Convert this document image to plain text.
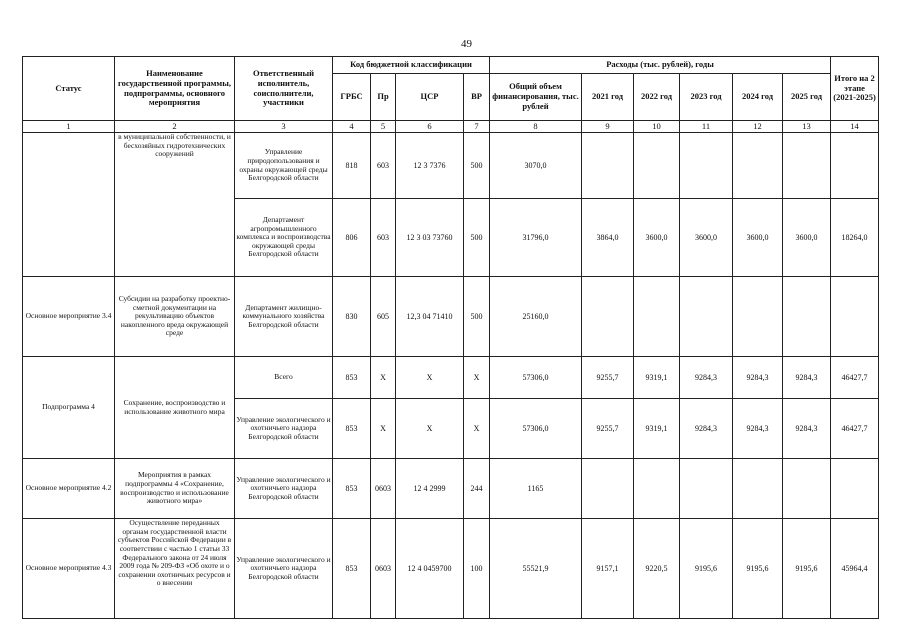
49
Статус	Наименование государственной программы, подпрограммы, основного мероприятия	Ответственный исполнитель, соисполнители, участники	Код бюджетной классификации				Расходы (тыс. рублей), годы						Итого на 2 этапе (2021-2025)
			ГРБС	Пр	ЦСР	ВР	Общий объем финансирования, тыс. рублей	2021 год	2022 год	2023 год	2024 год	2025 год	
1	2	3	4	5	6	7	8	9	10	11	12	13	14
	в муниципальной собственности, и бесхозяйных гидротехнических сооружений	Управление природопользования и охраны окружающей среды Белгородской области	818	603	12 3 7376	500	3070,0						
		Департамент агропромышленного комплекса и воспроизводства окружающей среды Белгородской области	806	603	12 3 03 73760	500	31796,0	3864,0	3600,0	3600,0	3600,0	3600,0	18264,0
Основное мероприятие 3.4	Субсидии на разработку проектно-сметной документации на рекультивацию объектов накопленного вреда окружающей среде	Департамент жилищно-коммунального хозяйства Белгородской области	830	605	12,3 04 71410	500	25160,0						
Подпрограмма 4	Сохранение, воспроизводство и использование животного мира	Всего	853	X	X	X	57306,0	9255,7	9319,1	9284,3	9284,3	9284,3	46427,7
		Управление экологического и охотничьего надзора Белгородской области	853	X	X	X	57306,0	9255,7	9319,1	9284,3	9284,3	9284,3	46427,7
Основное мероприятие 4.2	Мероприятия в рамках подпрограммы 4 «Сохранение, воспроизводство и использование животного мира»	Управление экологического и охотничьего надзора Белгородской области	853	0603	12 4 2999	244	1165						
Основное мероприятие 4.3	Осуществление переданных органам государственной власти субъектов Российской Федерации в соответствии с частью 1 статьи 33 Федерального закона от 24 июля 2009 года № 209-ФЗ «Об охоте и о сохранении охотничьих ресурсов и о внесении	Управление экологического и охотничьего надзора Белгородской области	853	0603	12 4 0459700	100	55521,9	9157,1	9220,5	9195,6	9195,6	9195,6	45964,4
